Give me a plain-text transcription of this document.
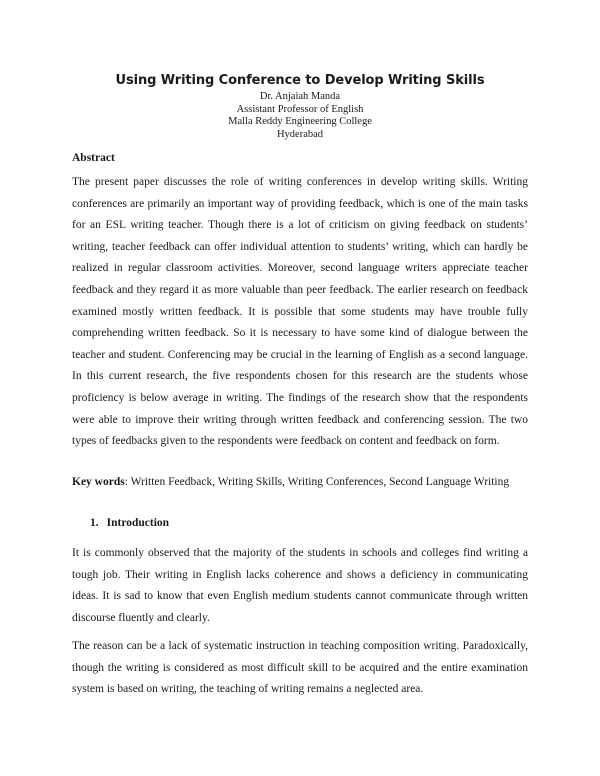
Using Writing Conference to Develop Writing Skills
Dr. Anjaiah Manda
Assistant Professor of English
Malla Reddy Engineering College
Hyderabad
Abstract
The present paper discusses the role of writing conferences in develop writing skills. Writing conferences are primarily an important way of providing feedback, which is one of the main tasks for an ESL writing teacher. Though there is a lot of criticism on giving feedback on students’ writing, teacher feedback can offer individual attention to students’ writing, which can hardly be realized in regular classroom activities. Moreover, second language writers appreciate teacher feedback and they regard it as more valuable than peer feedback. The earlier research on feedback examined mostly written feedback. It is possible that some students may have trouble fully comprehending written feedback. So it is necessary to have some kind of dialogue between the teacher and student. Conferencing may be crucial in the learning of English as a second language. In this current research, the five respondents chosen for this research are the students whose proficiency is below average in writing. The findings of the research show that the respondents were able to improve their writing through written feedback and conferencing session. The two types of feedbacks given to the respondents were feedback on content and feedback on form.
Key words: Written Feedback, Writing Skills, Writing Conferences, Second Language Writing
1. Introduction
It is commonly observed that the majority of the students in schools and colleges find writing a tough job. Their writing in English lacks coherence and shows a deficiency in communicating ideas. It is sad to know that even English medium students cannot communicate through written discourse fluently and clearly.
The reason can be a lack of systematic instruction in teaching composition writing. Paradoxically, though the writing is considered as most difficult skill to be acquired and the entire examination system is based on writing, the teaching of writing remains a neglected area.
